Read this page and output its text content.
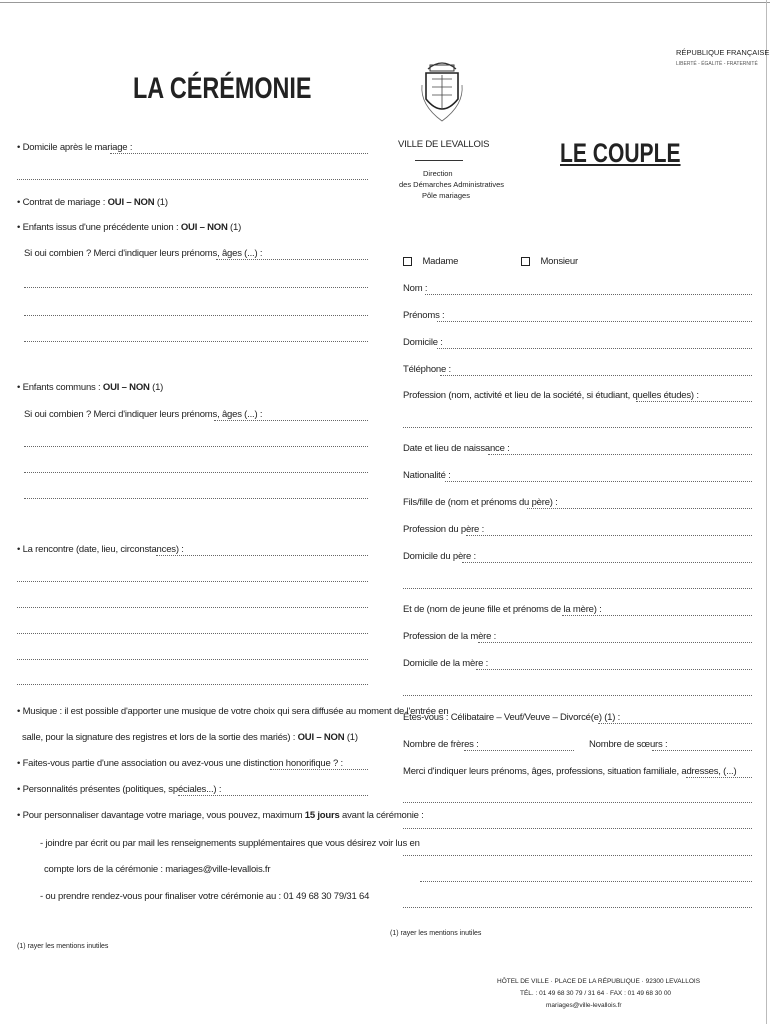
RÉPUBLIQUE FRANÇAISE
LIBERTÉ - ÉGALITÉ - FRATERNITÉ
VILLE DE LEVALLOIS
Direction
des Démarches Administratives
Pôle mariages
LA CÉRÉMONIE
• Domicile après le mariage :
• Contrat de mariage : OUI – NON (1)
• Enfants issus d'une précédente union : OUI – NON (1)
Si oui combien ? Merci d'indiquer leurs prénoms, âges (...) :
• Enfants communs : OUI – NON (1)
Si oui combien ? Merci d'indiquer leurs prénoms, âges (...) :
• La rencontre (date, lieu, circonstances) :
• Musique : il est possible d'apporter une musique de votre choix qui sera diffusée au moment de l'entrée en
salle, pour la signature des registres et lors de la sortie des mariés) : OUI – NON (1)
• Faites-vous partie d'une association ou avez-vous une distinction honorifique ? :
• Personnalités présentes (politiques, spéciales...) :
• Pour personnaliser davantage votre mariage, vous pouvez, maximum 15 jours avant la cérémonie :
- joindre par écrit ou par mail les renseignements supplémentaires que vous désirez voir lus en
compte lors de la cérémonie : mariages@ville-levallois.fr
- ou prendre rendez-vous pour finaliser votre cérémonie au : 01 49 68 30 79/31 64
(1) rayer les mentions inutiles
LE COUPLE
Madame	Monsieur
Nom :
Prénoms :
Domicile :
Téléphone :
Profession (nom, activité et lieu de la société, si étudiant, quelles études) :
Date et lieu de naissance :
Nationalité :
Fils/fille de (nom et prénoms du père) :
Profession du père :
Domicile du père :
Et de (nom de jeune fille et prénoms de la mère) :
Profession de la mère :
Domicile de la mère :
Êtes-vous : Célibataire – Veuf/Veuve – Divorcé(e) (1) :
Nombre de frères :	Nombre de sœurs :
Merci d'indiquer leurs prénoms, âges, professions, situation familiale, adresses, (...)
(1) rayer les mentions inutiles
HÔTEL DE VILLE · PLACE DE LA RÉPUBLIQUE · 92300 LEVALLOIS
TÉL. : 01 49 68 30 79 / 31 64 · FAX : 01 49 68 30 00
mariages@ville-levallois.fr
